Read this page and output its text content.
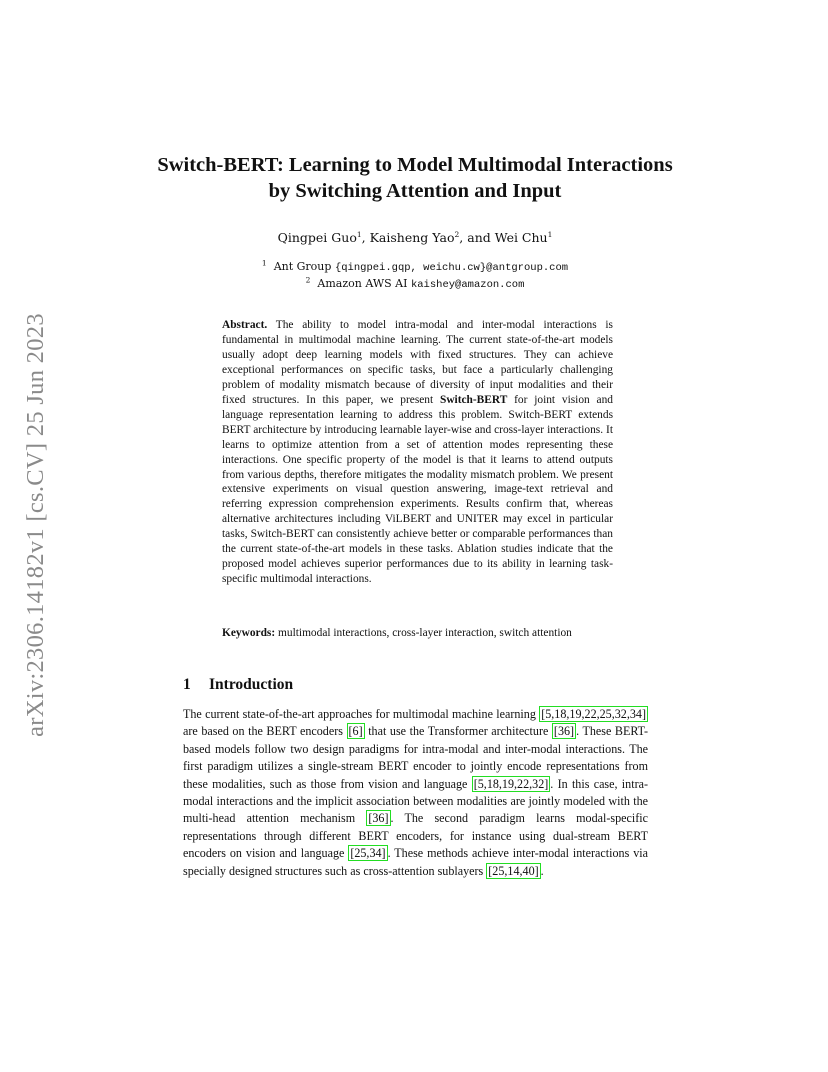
arXiv:2306.14182v1 [cs.CV] 25 Jun 2023
Switch-BERT: Learning to Model Multimodal Interactions by Switching Attention and Input
Qingpei Guo$^1$, Kaisheng Yao$^2$, and Wei Chu$^1$
$^1$ Ant Group {qingpei.gqp, weichu.cw}@antgroup.com
$^2$ Amazon AWS AI kaishey@amazon.com

Abstract. The ability to model intra-modal and inter-modal interactions is fundamental in multimodal machine learning. The current state-of-the-art models usually adopt deep learning models with fixed structures. They can achieve exceptional performances on specific tasks, but face a particularly challenging problem of modality mismatch because of diversity of input modalities and their fixed structures. In this paper, we present Switch-BERT for joint vision and language representation learning to address this problem. Switch-BERT extends BERT architecture by introducing learnable layer-wise and cross-layer interactions. It learns to optimize attention from a set of attention modes representing these interactions. One specific property of the model is that it learns to attend outputs from various depths, therefore mitigates the modality mismatch problem. We present extensive experiments on visual question answering, image-text retrieval and referring expression comprehension experiments. Results confirm that, whereas alternative architectures including ViLBERT and UNITER may excel in particular tasks, Switch-BERT can consistently achieve better or comparable performances than the current state-of-the-art models in these tasks. Ablation studies indicate that the proposed model achieves superior performances due to its ability in learning task-specific multimodal interactions.

Keywords: multimodal interactions, cross-layer interaction, switch attention

1 Introduction

The current state-of-the-art approaches for multimodal machine learning [5,18,19,22,25,32,34] are based on the BERT encoders [6] that use the Transformer architecture [36] . These BERT-based models follow two design paradigms for intra-modal and inter-modal interactions. The first paradigm utilizes a single-stream BERT encoder to jointly encode representations from these modalities, such as those from vision and language [5,18,19,22,32] . In this case, intra-modal interactions and the implicit association between modalities are jointly modeled with the multi-head attention mechanism [36] . The second paradigm learns modal-specific representations through different BERT encoders, for instance using dual-stream BERT encoders on vision and language [25,34] . These methods achieve inter-modal interactions via specially designed structures such as cross-attention sublayers [25,14,40] .
